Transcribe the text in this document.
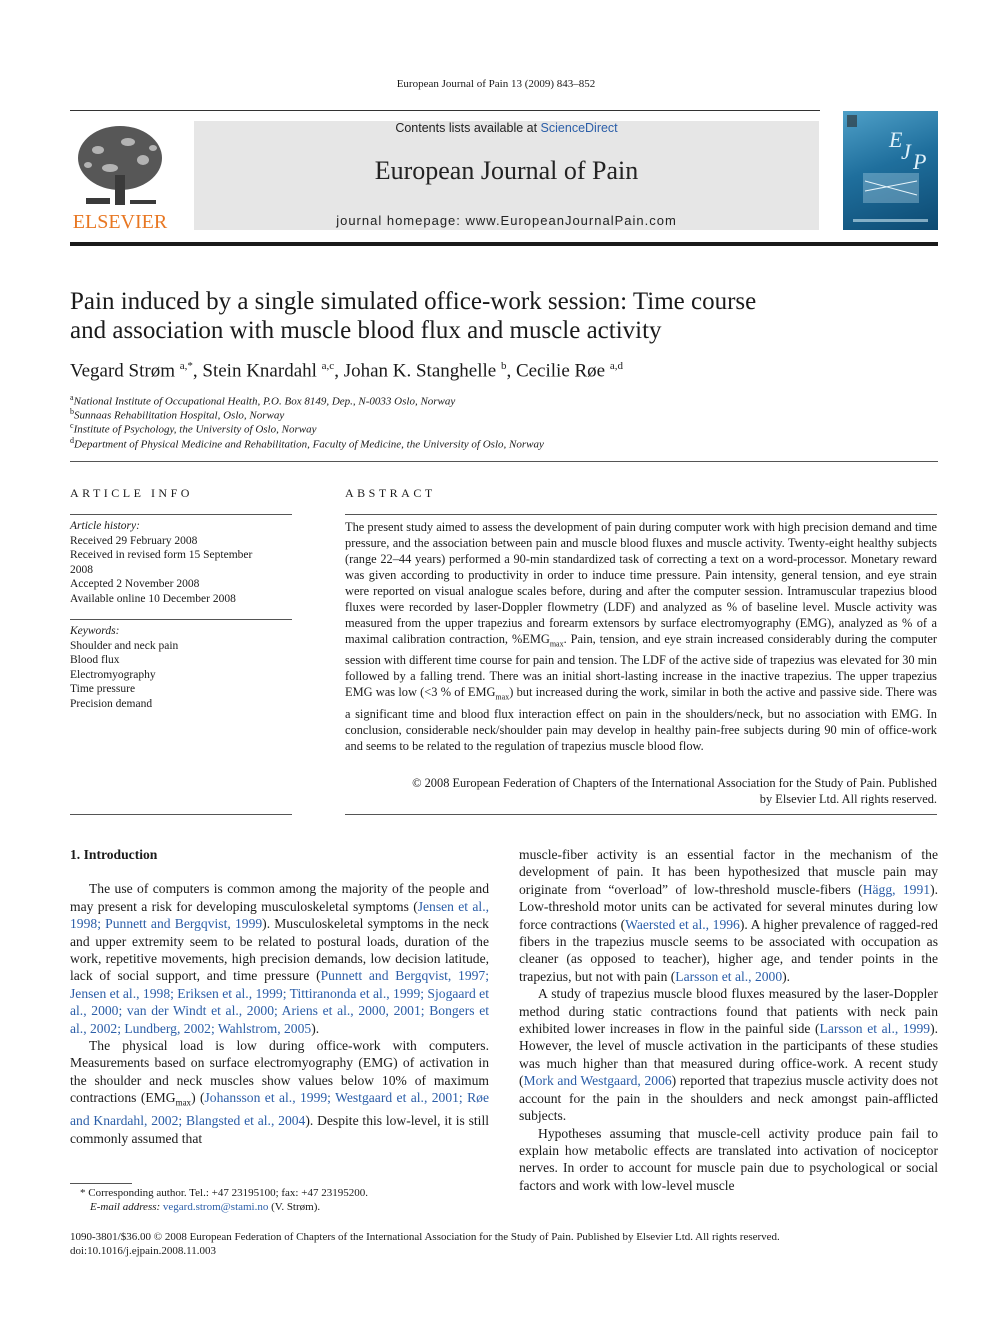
European Journal of Pain 13 (2009) 843–852
ELSEVIER
Contents lists available at ScienceDirect
European Journal of Pain
journal homepage: www.EuropeanJournalPain.com
E
J P
Pain induced by a single simulated office-work session: Time course
and association with muscle blood flux and muscle activity
Vegard Strøm $^{a,*}$, Stein Knardahl $^{a,c}$, Johan K. Stanghelle $^b$, Cecilie Røe $^{a,d}$
$^a$National Institute of Occupational Health, P.O. Box 8149, Dep., N-0033 Oslo, Norway
$^b$Sunnaas Rehabilitation Hospital, Oslo, Norway
$^c$Institute of Psychology, the University of Oslo, Norway
$^d$Department of Physical Medicine and Rehabilitation, Faculty of Medicine, the University of Oslo, Norway
ARTICLE INFO
Article history:
Received 29 February 2008
Received in revised form 15 September
2008
Accepted 2 November 2008
Available online 10 December 2008
Keywords:
Shoulder and neck pain
Blood flux
Electromyography
Time pressure
Precision demand
ABSTRACT
The present study aimed to assess the development of pain during computer work with high precision demand and time pressure, and the association between pain and muscle blood fluxes and muscle activity. Twenty-eight healthy subjects (range 22–44 years) performed a 90-min standardized task of correcting a text on a word-processor. Monetary reward was given according to productivity in order to induce time pressure. Pain intensity, general tension, and eye strain were reported on visual analogue scales before, during and after the computer session. Intramuscular trapezius blood fluxes were recorded by laser-Doppler flowmetry (LDF) and analyzed as % of baseline level. Muscle activity was measured from the upper trapezius and forearm extensors by surface electromyography (EMG), analyzed as % of a maximal calibration contraction, $\%EMG_{max}$. Pain, tension, and eye strain increased considerably during the computer session with different time course for pain and tension. The LDF of the active side of trapezius was elevated for 30 min followed by a falling trend. There was an initial short-lasting increase in the inactive trapezius. The upper trapezius EMG was low (<3 % of $EMG_{max}$) but increased during the work, similar in both the active and passive side. There was a significant time and blood flux interaction effect on pain in the shoulders/neck, but no association with EMG. In conclusion, considerable neck/shoulder pain may develop in healthy pain-free subjects during 90 min of office-work and seems to be related to the regulation of trapezius muscle blood flow.
© 2008 European Federation of Chapters of the International Association for the Study of Pain. Published
by Elsevier Ltd. All rights reserved.

1. Introduction

The use of computers is common among the majority of the people and may present a risk for developing musculoskeletal symptoms (Jensen et al., 1998; Punnett and Bergqvist, 1999). Musculoskeletal symptoms in the neck and upper extremity seem to be related to postural loads, duration of the work, repetitive movements, high precision demands, low decision latitude, lack of social support, and time pressure (Punnett and Bergqvist, 1997; Jensen et al., 1998; Eriksen et al., 1999; Tittiranonda et al., 1999; Sjogaard et al., 2000; van der Windt et al., 2000; Ariens et al., 2000, 2001; Bongers et al., 2002; Lundberg, 2002; Wahlstrom, 2005).

The physical load is low during office-work with computers. Measurements based on surface electromyography (EMG) of activation in the shoulder and neck muscles show values below 10% of maximum contractions $(EMG_{max})$ (Johansson et al., 1999; Westgaard et al., 2001; Røe and Knardahl, 2002; Blangsted et al., 2004). Despite this low-level, it is still commonly assumed that

muscle-fiber activity is an essential factor in the mechanism of the development of pain. It has been hypothesized that muscle pain may originate from “overload” of low-threshold muscle-fibers (Hägg, 1991). Low-threshold motor units can be activated for several minutes during low force contractions (Waersted et al., 1996). A higher prevalence of ragged-red fibers in the trapezius muscle seems to be associated with occupation as cleaner (as opposed to teacher), higher age, and tender points in the trapezius, but not with pain (Larsson et al., 2000).

A study of trapezius muscle blood fluxes measured by the laser-Doppler method during static contractions found that patients with neck pain exhibited lower increases in flow in the painful side (Larsson et al., 1999). However, the level of muscle activation in the participants of these studies was much higher than that measured during office-work. A recent study (Mork and Westgaard, 2006) reported that trapezius muscle activity does not account for the pain in the shoulders and neck amongst pain-afflicted subjects.

Hypotheses assuming that muscle-cell activity produce pain fail to explain how metabolic effects are translated into activation of nociceptor nerves. In order to account for muscle pain due to psychological or social factors and work with low-level muscle

* Corresponding author. Tel.: +47 23195100; fax: +47 23195200.
E-mail address: vegard.strom@stami.no (V. Strøm).
1090-3801/$36.00 © 2008 European Federation of Chapters of the International Association for the Study of Pain. Published by Elsevier Ltd. All rights reserved.
doi:10.1016/j.ejpain.2008.11.003
